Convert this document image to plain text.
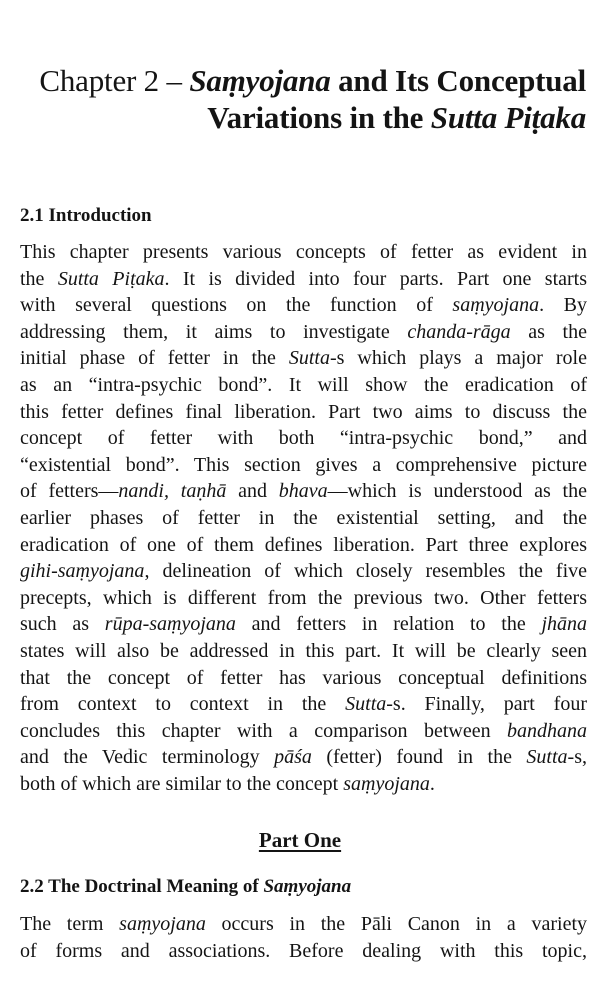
Chapter 2 – Saṃyojana and Its Conceptual
Variations in the Sutta Piṭaka
2.1 Introduction
This chapter presents various concepts of fetter as evident in
the Sutta Piṭaka. It is divided into four parts. Part one starts
with several questions on the function of saṃyojana. By
addressing them, it aims to investigate chanda-rāga as the
initial phase of fetter in the Sutta-s which plays a major role
as an “intra-psychic bond”. It will show the eradication of
this fetter defines final liberation. Part two aims to discuss the
concept of fetter with both “intra-psychic bond,” and
“existential bond”. This section gives a comprehensive picture
of fetters—nandi, taṇhā and bhava—which is understood as the
earlier phases of fetter in the existential setting, and the
eradication of one of them defines liberation. Part three explores
gihi-saṃyojana, delineation of which closely resembles the five
precepts, which is different from the previous two. Other fetters
such as rūpa-saṃyojana and fetters in relation to the jhāna
states will also be addressed in this part. It will be clearly seen
that the concept of fetter has various conceptual definitions
from context to context in the Sutta-s. Finally, part four
concludes this chapter with a comparison between bandhana
and the Vedic terminology pāśa (fetter) found in the Sutta-s,
both of which are similar to the concept saṃyojana.
Part One
2.2 The Doctrinal Meaning of Saṃyojana
The term saṃyojana occurs in the Pāli Canon in a variety
of forms and associations. Before dealing with this topic,
